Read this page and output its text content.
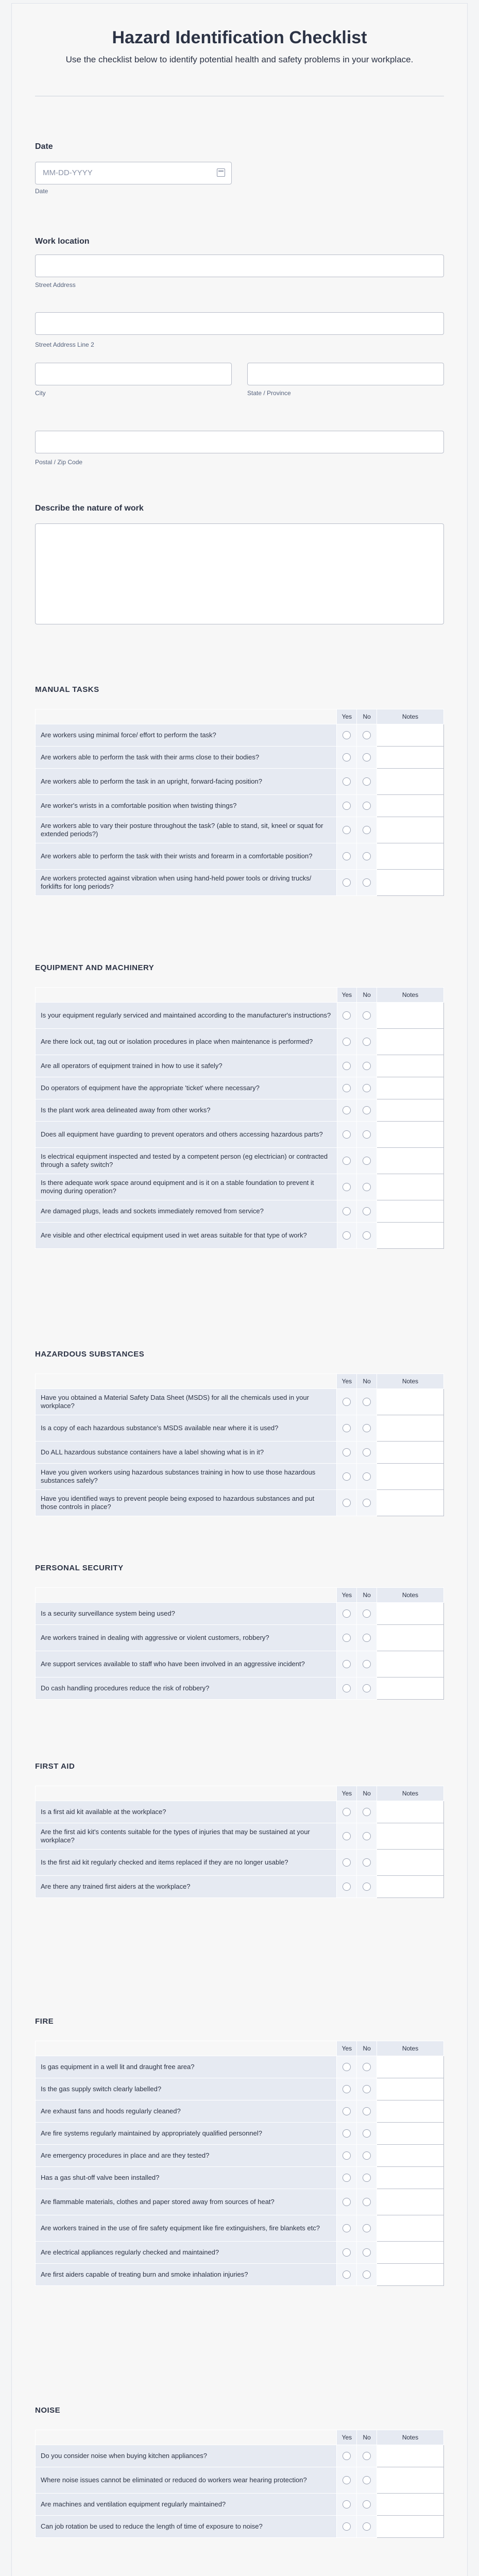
Hazard Identification Checklist
Use the checklist below to identify potential health and safety problems in your workplace.
Date
MM-DD-YYYY
Date
Work location
Street Address
Street Address Line 2
City	State / Province
Postal / Zip Code
Describe the nature of work
MANUAL TASKS
	Yes	No	Notes
Are workers using minimal force/ effort to perform the task?			
Are workers able to perform the task with their arms close to their bodies?			
Are workers able to perform the task in an upright, forward-facing position?			
Are worker's wrists in a comfortable position when twisting things?			
Are workers able to vary their posture throughout the task? (able to stand, sit, kneel or squat for extended periods?)			
Are workers able to perform the task with their wrists and forearm in a comfortable position?			
Are workers protected against vibration when using hand-held power tools or driving trucks/ forklifts for long periods?			
EQUIPMENT AND MACHINERY
	Yes	No	Notes
Is your equipment regularly serviced and maintained according to the manufacturer's instructions?			
Are there lock out, tag out or isolation procedures in place when maintenance is performed?			
Are all operators of equipment trained in how to use it safely?			
Do operators of equipment have the appropriate 'ticket' where necessary?			
Is the plant work area delineated away from other works?			
Does all equipment have guarding to prevent operators and others accessing hazardous parts?			
Is electrical equipment inspected and tested by a competent person (eg electrician) or contracted through a safety switch?			
Is there adequate work space around equipment and is it on a stable foundation to prevent it moving during operation?			
Are damaged plugs, leads and sockets immediately removed from service?			
Are visible and other electrical equipment used in wet areas suitable for that type of work?			
HAZARDOUS SUBSTANCES
	Yes	No	Notes
Have you obtained a Material Safety Data Sheet (MSDS) for all the chemicals used in your workplace?			
Is a copy of each hazardous substance's MSDS available near where it is used?			
Do ALL hazardous substance containers have a label showing what is in it?			
Have you given workers using hazardous substances training in how to use those hazardous substances safely?			
Have you identified ways to prevent people being exposed to hazardous substances and put those controls in place?			
PERSONAL SECURITY
	Yes	No	Notes
Is a security surveillance system being used?			
Are workers trained in dealing with aggressive or violent customers, robbery?			
Are support services available to staff who have been involved in an aggressive incident?			
Do cash handling procedures reduce the risk of robbery?			
FIRST AID
	Yes	No	Notes
Is a first aid kit available at the workplace?			
Are the first aid kit's contents suitable for the types of injuries that may be sustained at your workplace?			
Is the first aid kit regularly checked and items replaced if they are no longer usable?			
Are there any trained first aiders at the workplace?			
FIRE
	Yes	No	Notes
Is gas equipment in a well lit and draught free area?			
Is the gas supply switch clearly labelled?			
Are exhaust fans and hoods regularly cleaned?			
Are fire systems regularly maintained by appropriately qualified personnel?			
Are emergency procedures in place and are they tested?			
Has a gas shut-off valve been installed?			
Are flammable materials, clothes and paper stored away from sources of heat?			
Are workers trained in the use of fire safety equipment like fire extinguishers, fire blankets etc?			
Are electrical appliances regularly checked and maintained?			
Are first aiders capable of treating burn and smoke inhalation injuries?			
NOISE
	Yes	No	Notes
Do you consider noise when buying kitchen appliances?			
Where noise issues cannot be eliminated or reduced do workers wear hearing protection?			
Are machines and ventilation equipment regularly maintained?			
Can job rotation be used to reduce the length of time of exposure to noise?			
